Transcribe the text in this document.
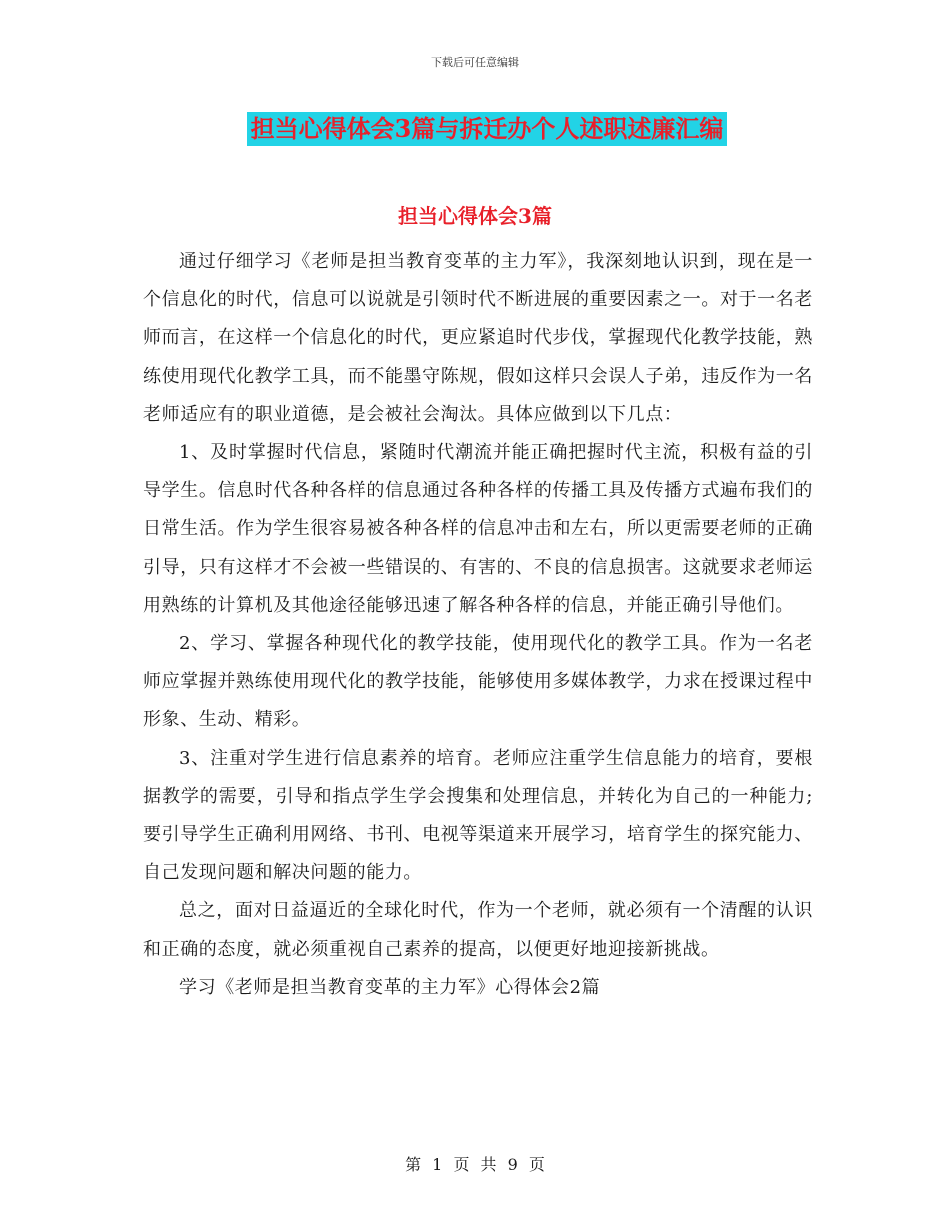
下载后可任意编辑
担当心得体会3篇与拆迁办个人述职述廉汇编
担当心得体会3篇

通过仔细学习《老师是担当教育变革的主力军》，我深刻地认识到，现在是一个信息化的时代，信息可以说就是引领时代不断进展的重要因素之一。对于一名老师而言，在这样一个信息化的时代，更应紧追时代步伐，掌握现代化教学技能，熟练使用现代化教学工具，而不能墨守陈规，假如这样只会误人子弟，违反作为一名老师适应有的职业道德，是会被社会淘汰。具体应做到以下几点：

1、及时掌握时代信息，紧随时代潮流并能正确把握时代主流，积极有益的引导学生。信息时代各种各样的信息通过各种各样的传播工具及传播方式遍布我们的日常生活。作为学生很容易被各种各样的信息冲击和左右，所以更需要老师的正确引导，只有这样才不会被一些错误的、有害的、不良的信息损害。这就要求老师运用熟练的计算机及其他途径能够迅速了解各种各样的信息，并能正确引导他们。

2、学习、掌握各种现代化的教学技能，使用现代化的教学工具。作为一名老师应掌握并熟练使用现代化的教学技能，能够使用多媒体教学，力求在授课过程中形象、生动、精彩。

3、注重对学生进行信息素养的培育。老师应注重学生信息能力的培育，要根据教学的需要，引导和指点学生学会搜集和处理信息，并转化为自己的一种能力;要引导学生正确利用网络、书刊、电视等渠道来开展学习，培育学生的探究能力、自己发现问题和解决问题的能力。

总之，面对日益逼近的全球化时代，作为一个老师，就必须有一个清醒的认识和正确的态度，就必须重视自己素养的提高，以便更好地迎接新挑战。

学习《老师是担当教育变革的主力军》心得体会2篇

第 1 页 共 9 页
